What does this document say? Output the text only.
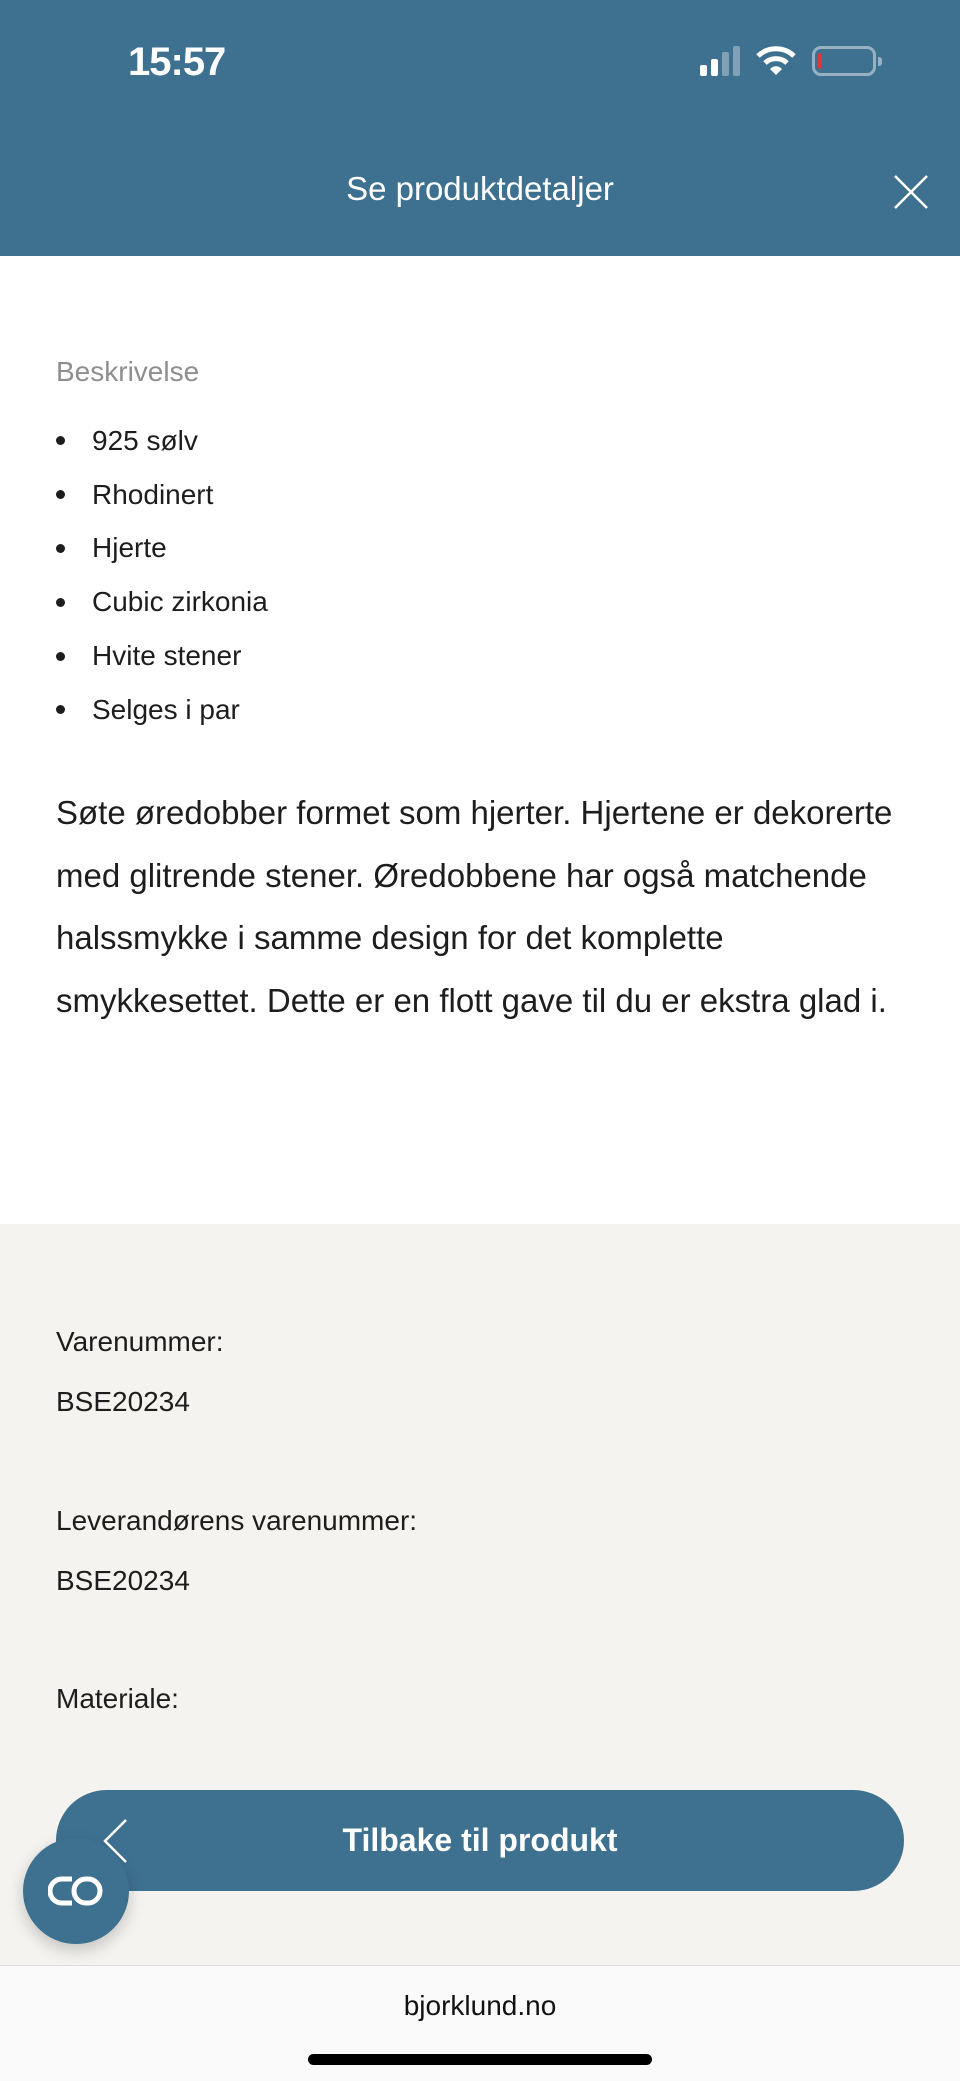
15:57
Se produktdetaljer
Beskrivelse
925 sølv
Rhodinert
Hjerte
Cubic zirkonia
Hvite stener
Selges i par

Søte øredobber formet som hjerter. Hjertene er dekorerte med glitrende stener. Øredobbene har også matchende halssmykke i samme design for det komplette smykkesettet. Dette er en flott gave til du er ekstra glad i.

Varenummer:
BSE20234
Leverandørens varenummer:
BSE20234
Materiale:
Tilbake til produkt
bjorklund.no
